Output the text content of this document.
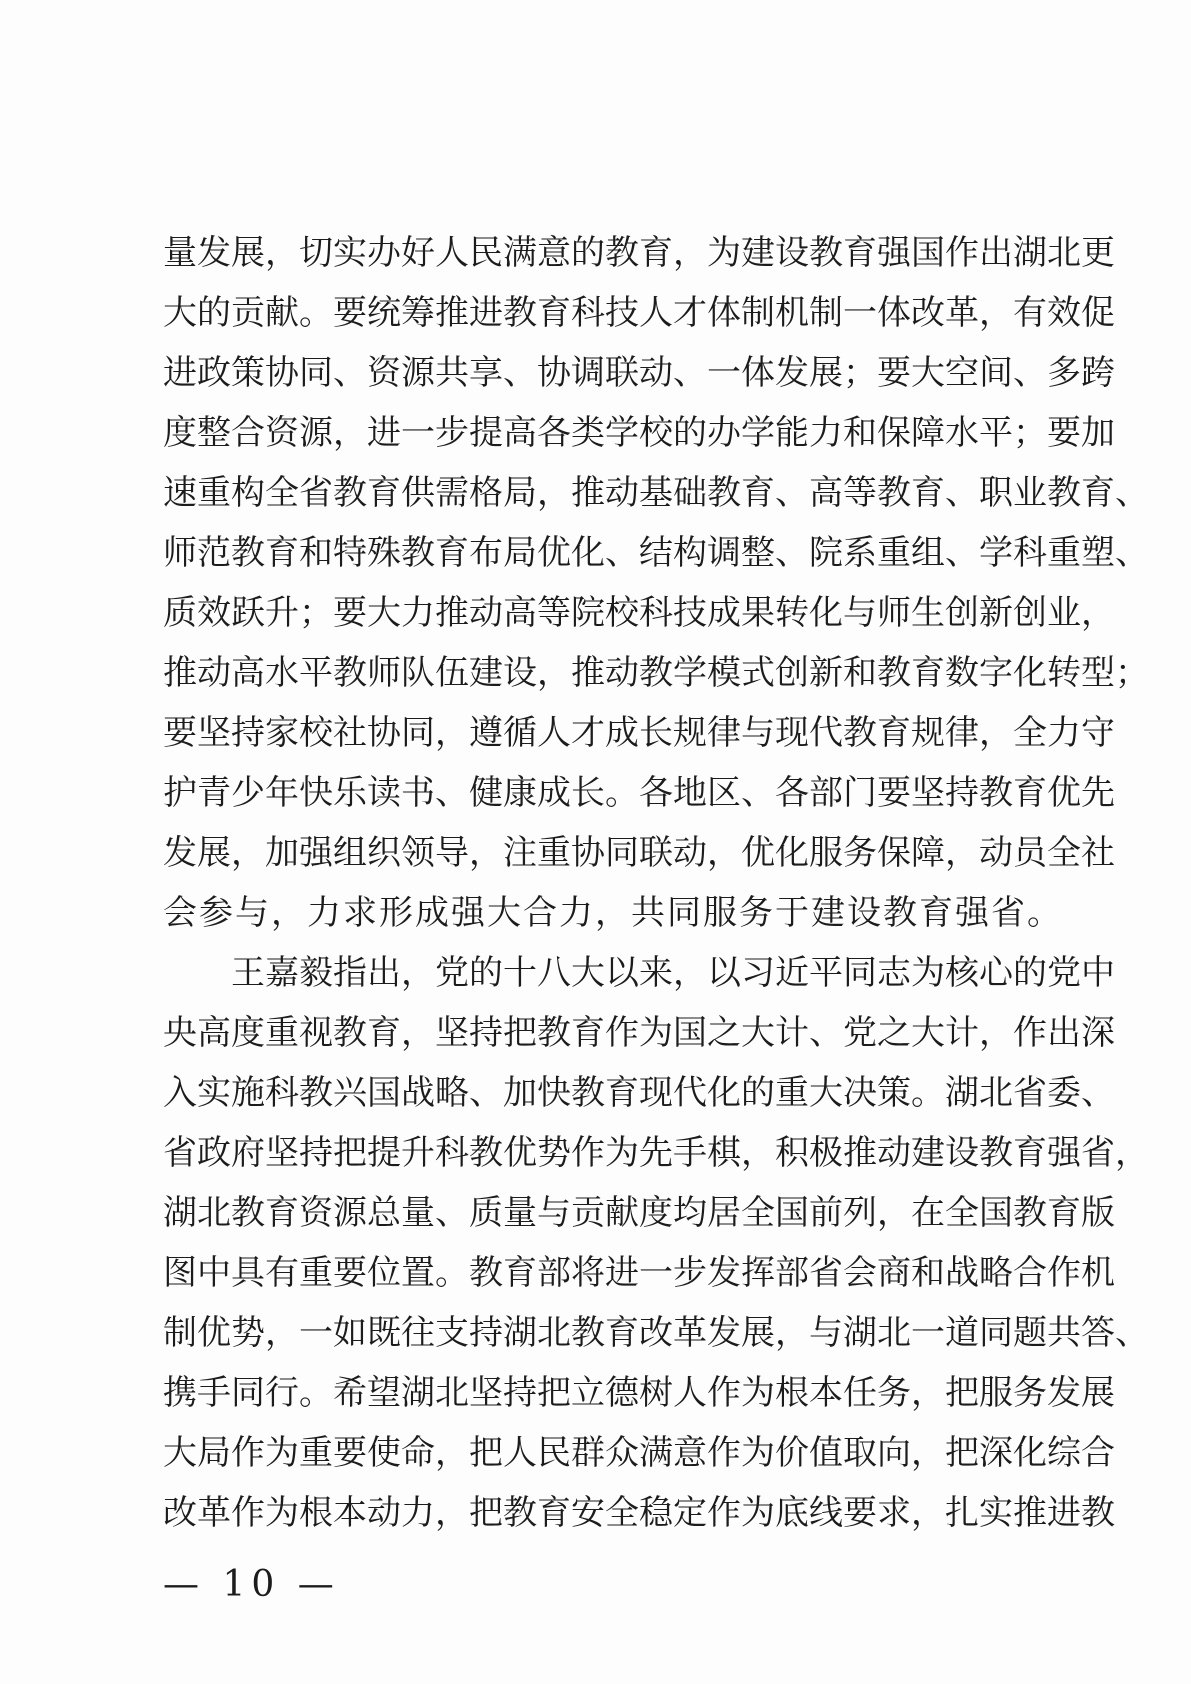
量发展，切实办好人民满意的教育，为建设教育强国作出湖北更
大的贡献。要统筹推进教育科技人才体制机制一体改革，有效促
进政策协同、资源共享、协调联动、一体发展；要大空间、多跨
度整合资源，进一步提高各类学校的办学能力和保障水平；要加
速重构全省教育供需格局，推动基础教育、高等教育、职业教育、
师范教育和特殊教育布局优化、结构调整、院系重组、学科重塑、
质效跃升；要大力推动高等院校科技成果转化与师生创新创业，
推动高水平教师队伍建设，推动教学模式创新和教育数字化转型；
要坚持家校社协同，遵循人才成长规律与现代教育规律，全力守
护青少年快乐读书、健康成长。各地区、各部门要坚持教育优先
发展，加强组织领导，注重协同联动，优化服务保障，动员全社
会参与，力求形成强大合力，共同服务于建设教育强省。
王嘉毅指出，党的十八大以来，以习近平同志为核心的党中
央高度重视教育，坚持把教育作为国之大计、党之大计，作出深
入实施科教兴国战略、加快教育现代化的重大决策。湖北省委、
省政府坚持把提升科教优势作为先手棋，积极推动建设教育强省，
湖北教育资源总量、质量与贡献度均居全国前列，在全国教育版
图中具有重要位置。教育部将进一步发挥部省会商和战略合作机
制优势，一如既往支持湖北教育改革发展，与湖北一道同题共答、
携手同行。希望湖北坚持把立德树人作为根本任务，把服务发展
大局作为重要使命，把人民群众满意作为价值取向，把深化综合
改革作为根本动力，把教育安全稳定作为底线要求，扎实推进教
— 10 —
